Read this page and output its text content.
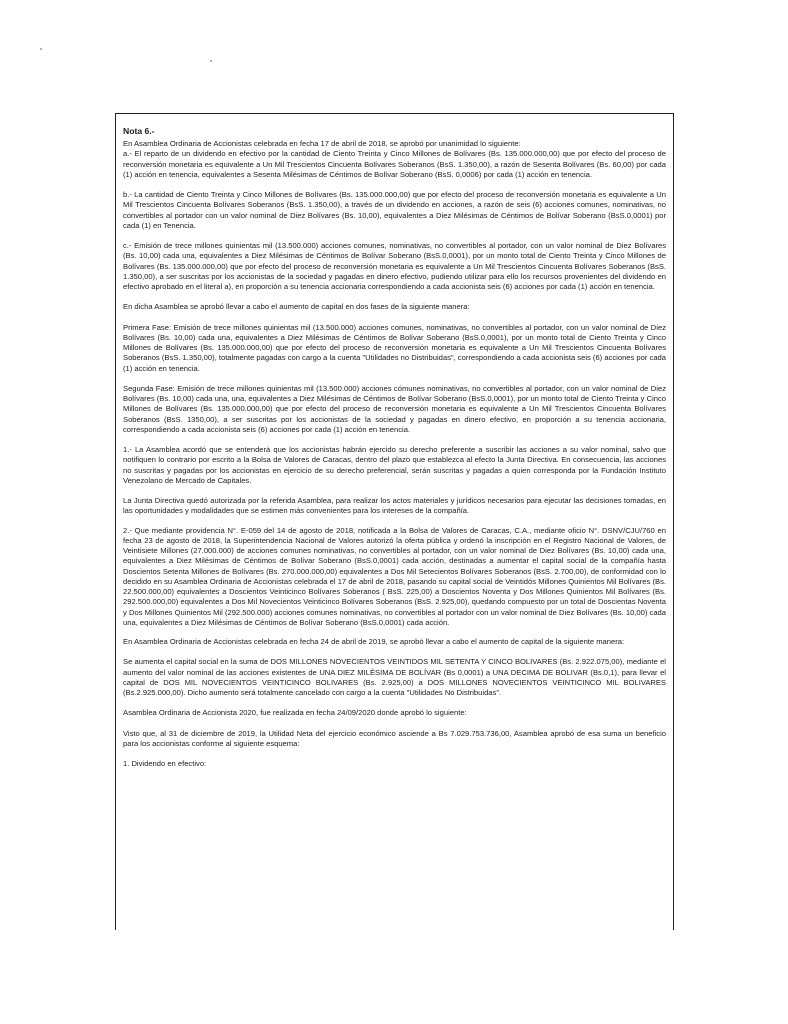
Nota 6.-

En Asamblea Ordinaria de Accionistas celebrada en fecha 17 de abril de 2018, se aprobó por unanimidad lo siguiente:

a.- El reparto de un dividendo en efectivo por la cantidad de Ciento Treinta y Cinco Millones de Bolívares (Bs. 135.000.000,00) que por efecto del proceso de reconversión monetaria es equivalente a Un Mil Trescientos Cincuenta Bolívares Soberanos (BsS. 1.350,00), a razón de Sesenta Bolívares (Bs. 60,00) por cada (1) acción en tenencia, equivalentes a Sesenta Milésimas de Céntimos de Bolívar Soberano (BsS. 0,0006) por cada (1) acción en tenencia.

b.- La cantidad de Ciento Treinta y Cinco Millones de Bolívares (Bs. 135.000.000,00) que por efecto del proceso de reconversión monetaria es equivalente a Un Mil Trescientos Cincuenta Bolívares Soberanos (BsS. 1.350,00), a través de un dividendo en acciones, a razón de seis (6) acciones comunes, nominativas, no convertibles al portador con un valor nominal de Diez Bolívares (Bs. 10,00), equivalentes a Diez Milésimas de Céntimos de Bolívar Soberano (BsS.0,0001) por cada (1) en Tenencia.

c.- Emisión de trece millones quinientas mil (13.500.000) acciones comunes, nominativas, no convertibles al portador, con un valor nominal de Diez Bolívares (Bs. 10,00) cada una, equivalentes a Diez Milésimas de Céntimos de Bolívar Soberano (BsS.0,0001), por un monto total de Ciento Treinta y Cinco Millones de Bolívares (Bs. 135.000.000,00) que por efecto del proceso de reconversión monetaria es equivalente a Un Mil Trescientos Cincuenta Bolívares Soberanos (BsS. 1.350,00), a ser suscritas por los accionistas de la sociedad y pagadas en dinero efectivo, pudiendo utilizar para ello los recursos provenientes del dividendo en efectivo aprobado en el literal a), en proporción a su tenencia accionaria correspondiendo a cada accionista seis (6) acciones por cada (1) acción en tenencia.

En dicha Asamblea se aprobó llevar a cabo el aumento de capital en dos fases de la siguiente manera:

Primera Fase: Emisión de trece millones quinientas mil (13.500.000) acciones comunes, nominativas, no convertibles al portador, con un valor nominal de Diez Bolívares (Bs. 10,00) cada una, equivalentes a Diez Milésimas de Céntimos de Bolívar Soberano (BsS.0,0001), por un monto total de Ciento Treinta y Cinco Millones de Bolívares (Bs. 135.000.000,00) que por efecto del proceso de reconversión monetaria es equivalente a Un Mil Trescientos Cincuenta Bolívares Soberanos (BsS. 1.350,00), totalmente pagadas con cargo a la cuenta "Utilidades no Distribuidas", correspondiendo a cada accionista seis (6) acciones por cada (1) acción en tenencia.

Segunda Fase: Emisión de trece millones quinientas mil (13.500.000) acciones cómunes nominativas, no convertibles al portador, con un valor nominal de Diez Bolívares (Bs. 10,00) cada una, una, equivalentes a Diez Milésimas de Céntimos de Bolívar Soberano (BsS.0,0001), por un monto total de Ciento Treinta y Cinco Millones de Bolívares (Bs. 135.000.000,00) que por efecto del proceso de reconversión monetaria es equivalente a Un Mil Trescientos Cincuenta Bolívares Soberanos (BsS. 1350,00), a ser suscritas por los accionistas de la sociedad y pagadas en dinero efectivo, en proporción a su tenencia accionaria, correspondiendo a cada accionista seis (6) acciones por cada (1) acción en tenencia.

1.- La Asamblea acordó que se entenderá que los accionistas habrán ejercido su derecho preferente a suscribir las acciones a su valor nominal, salvo que notifiquen lo contrario por escrito a la Bolsa de Valores de Caracas, dentro del plazo que establezca al efecto la Junta Directiva. En consecuencia, las acciones no suscritas y pagadas por los accionistas en ejercicio de su derecho preferencial, serán suscritas y pagadas a quien corresponda por la Fundación Instituto Venezolano de Mercado de Capitales.

La Junta Directiva quedó autorizada por la referida Asamblea, para realizar los actos materiales y jurídicos necesarios para ejecutar las decisiones tomadas, en las oportunidades y modalidades que se estimen más convenientes para los intereses de la compañía.

2.- Que mediante providencia N°. E-059 del 14 de agosto de 2018, notificada a la Bolsa de Valores de Caracas, C.A., mediante oficio N°. DSNV/CJU/760 en fecha 23 de agosto de 2018, la Superintendencia Nacional de Valores autorizó la oferta pública y ordenó la inscripción en el Registro Nacional de Valores, de Veintisiete Millones (27.000.000) de acciones comunes nominativas, no convertibles al portador, con un valor nominal de Diez Bolívares (Bs. 10,00) cada una, equivalentes a Diez Milésimas de Céntimos de Bolívar Soberano (BsS.0,0001) cada acción, destinadas a aumentar el capital social de la compañía hasta Doscientos Setenta Millones de Bolívares (Bs. 270.000.000,00) equivalentes a Dos Mil Setecientos Bolívares Soberanos (BsS. 2.700,00), de conformidad con lo decidido en su Asamblea Ordinaria de Accionistas celebrada el 17 de abril de 2018, pasando su capital social de Veintidós Millones Quinientos Mil Bolívares (Bs. 22.500.000,00) equivalentes a Doscientos Veinticinco Bolívares Soberanos ( BsS. 225,00) a Doscientos Noventa y Dos Millones Quinientos Mil Bolívares (Bs. 292.500.000,00) equivalentes a Dos Mil Novecientos Veinticinco Bolívares Soberanos (BsS. 2.925,00), quedando compuesto por un total de Doscientas Noventa y Dos Millones Quinientos Mil (292.500.000) acciones comunes nominativas, no convertibles al portador con un valor nominal de Diez Bolívares (Bs. 10,00) cada una, equivalentes a Diez Milésimas de Céntimos de Bolívar Soberano (BsS.0,0001) cada acción.

En Asamblea Ordinaria de Accionistas celebrada en fecha 24 de abril de 2019, se aprobó llevar a cabo el aumento de capital de la siguiente manera:

Se aumenta el capital social en la suma de DOS MILLONES NOVECIENTOS VEINTIDOS MIL SETENTA Y CINCO BOLIVARES (Bs. 2.922.075,00), mediante el aumento del valor nominal de las acciones existentes de UNA DIEZ MILÉSIMA DE BOLÍVAR (Bs 0,0001) a UNA DECIMA DE BOLIVAR (Bs.0,1), para llevar el capital de DOS MIL NOVECIENTOS VEINTICINCO BOLIVARES (Bs. 2.925,00) a DOS MILLONES NOVECIENTOS VEINTICINCO MIL BOLIVARES (Bs.2.925.000,00). Dicho aumento será totalmente cancelado con cargo a la cuenta "Utilidades No Distribuidas".

Asamblea Ordinaria de Accionista 2020, fue realizada en fecha 24/09/2020 donde aprobó lo siguiente:

Visto que, al 31 de diciembre de 2019, la Utilidad Neta del ejercicio económico asciende a Bs 7.029.753.736,00, Asamblea aprobó de esa suma un beneficio para los accionistas conforme al siguiente esquema:

1. Dividendo en efectivo:
